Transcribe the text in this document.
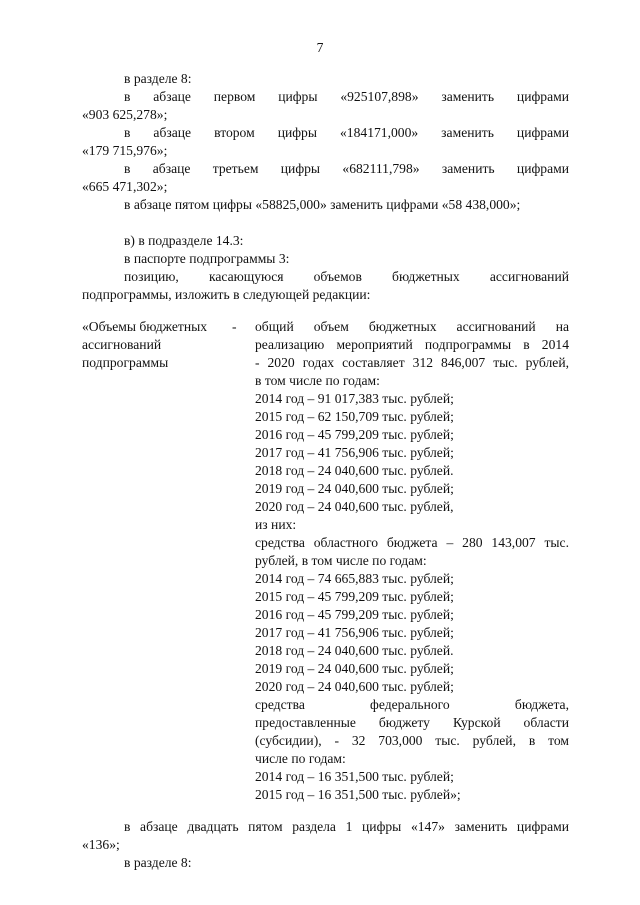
7
в разделе 8:
в абзаце первом цифры «925107,898» заменить цифрами
«903 625,278»;
в абзаце втором цифры «184171,000» заменить цифрами
«179 715,976»;
в абзаце третьем цифры «682111,798» заменить цифрами
«665 471,302»;
в абзаце пятом цифры «58825,000» заменить цифрами «58 438,000»;
в) в подразделе 14.3:
в паспорте подпрограммы 3:
позицию, касающуюся объемов бюджетных ассигнований
подпрограммы, изложить в следующей редакции:
«Объемы бюджетных	-	общий объем бюджетных ассигнований на
ассигнований	реализацию мероприятий подпрограммы в 2014
подпрограммы	- 2020 годах составляет 312 846,007 тыс. рублей,
в том числе по годам:
2014 год – 91 017,383 тыс. рублей;
2015 год – 62 150,709 тыс. рублей;
2016 год – 45 799,209 тыс. рублей;
2017 год – 41 756,906 тыс. рублей;
2018 год – 24 040,600 тыс. рублей.
2019 год – 24 040,600 тыс. рублей;
2020 год – 24 040,600 тыс. рублей,
из них:
средства областного бюджета – 280 143,007 тыс.
рублей, в том числе по годам:
2014 год – 74 665,883 тыс. рублей;
2015 год – 45 799,209 тыс. рублей;
2016 год – 45 799,209 тыс. рублей;
2017 год – 41 756,906 тыс. рублей;
2018 год – 24 040,600 тыс. рублей.
2019 год – 24 040,600 тыс. рублей;
2020 год – 24 040,600 тыс. рублей;
средства федерального бюджета,
предоставленные бюджету Курской области
(субсидии), - 32 703,000 тыс. рублей, в том
числе по годам:
2014 год – 16 351,500 тыс. рублей;
2015 год – 16 351,500 тыс. рублей»;
в абзаце двадцать пятом раздела 1 цифры «147» заменить цифрами
«136»;
в разделе 8:
